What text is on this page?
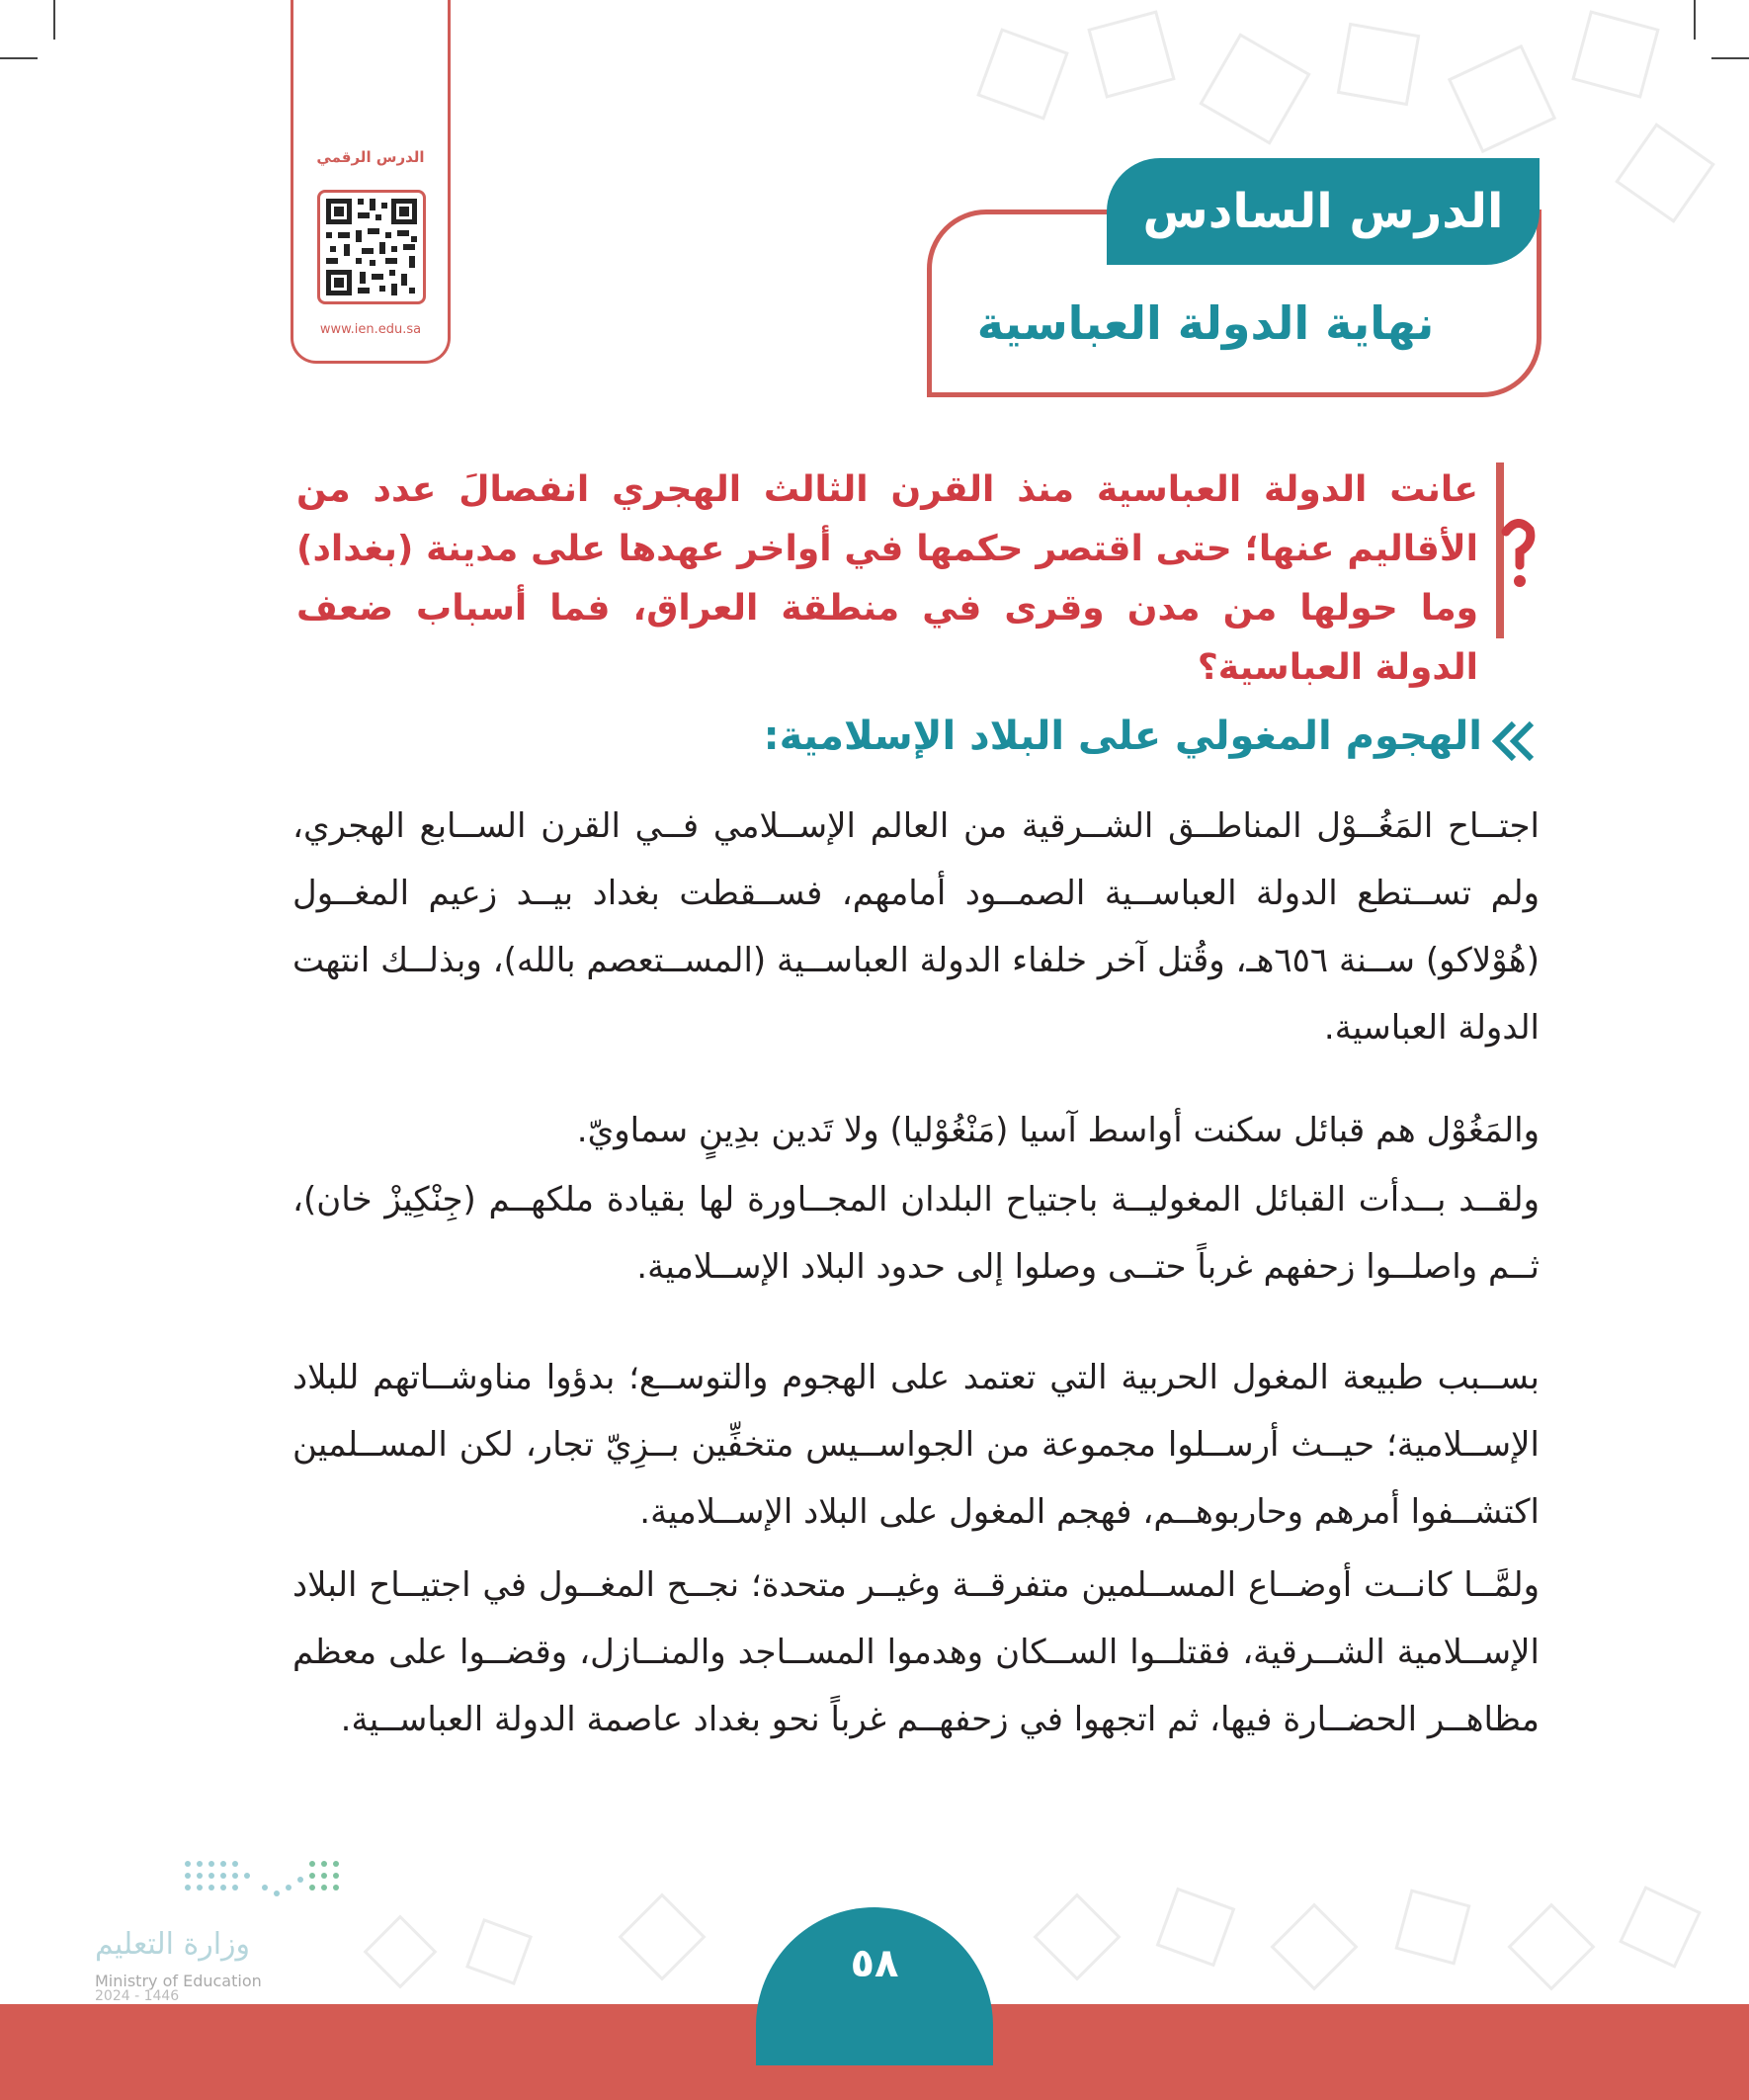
الدرس الرقمي
www.ien.edu.sa
الدرس السادس
نهاية الدولة العباسية
عانت الدولة العباسية منذ القرن الثالث الهجري انفصالَ عدد من الأقاليم عنها؛ حتى اقتصر حكمها في أواخر عهدها على مدينة (بغداد) وما حولها من مدن وقرى في منطقة العراق، فما أسباب ضعف الدولة العباسية؟
الهجوم المغولي على البلاد الإسلامية:
اجتــاح المَغُــوْل المناطــق الشــرقية من العالم الإســلامي فــي القرن الســابع الهجري، ولم تســتطع الدولة العباســية الصمــود أمامهم، فســقطت بغداد بيــد زعيم المغــول (هُوْلاكو) ســنة ٦٥٦هـ، وقُتل آخر خلفاء الدولة العباســية (المســتعصم بالله)، وبذلــك انتهت الدولة العباسية.
والمَغُوْل هم قبائل سكنت أواسط آسيا (مَنْغُوْليا) ولا تَدين بدِينٍ سماويّ.
ولقــد بــدأت القبائل المغوليــة باجتياح البلدان المجــاورة لها بقيادة ملكهــم (جِنْكِيزْ خان)، ثــم واصلــوا زحفهم غرباً حتــى وصلوا إلى حدود البلاد الإســلامية.
بســبب طبيعة المغول الحربية التي تعتمد على الهجوم والتوســع؛ بدؤوا مناوشــاتهم للبلاد الإســلامية؛ حيــث أرســلوا مجموعة من الجواســيس متخفِّين بــزِيّ تجار، لكن المســلمين اكتشــفوا أمرهم وحاربوهــم، فهجم المغول على البلاد الإســلامية.
ولمَّــا كانــت أوضــاع المســلمين متفرقــة وغيــر متحدة؛ نجــح المغــول في اجتيــاح البلاد الإســلامية الشــرقية، فقتلــوا الســكان وهدموا المســاجد والمنــازل، وقضــوا على معظم مظاهــر الحضــارة فيها، ثم اتجهوا في زحفهــم غرباً نحو بغداد عاصمة الدولة العباســية.
وزارة التعليم
Ministry of Education
2024 - 1446
٥٨
